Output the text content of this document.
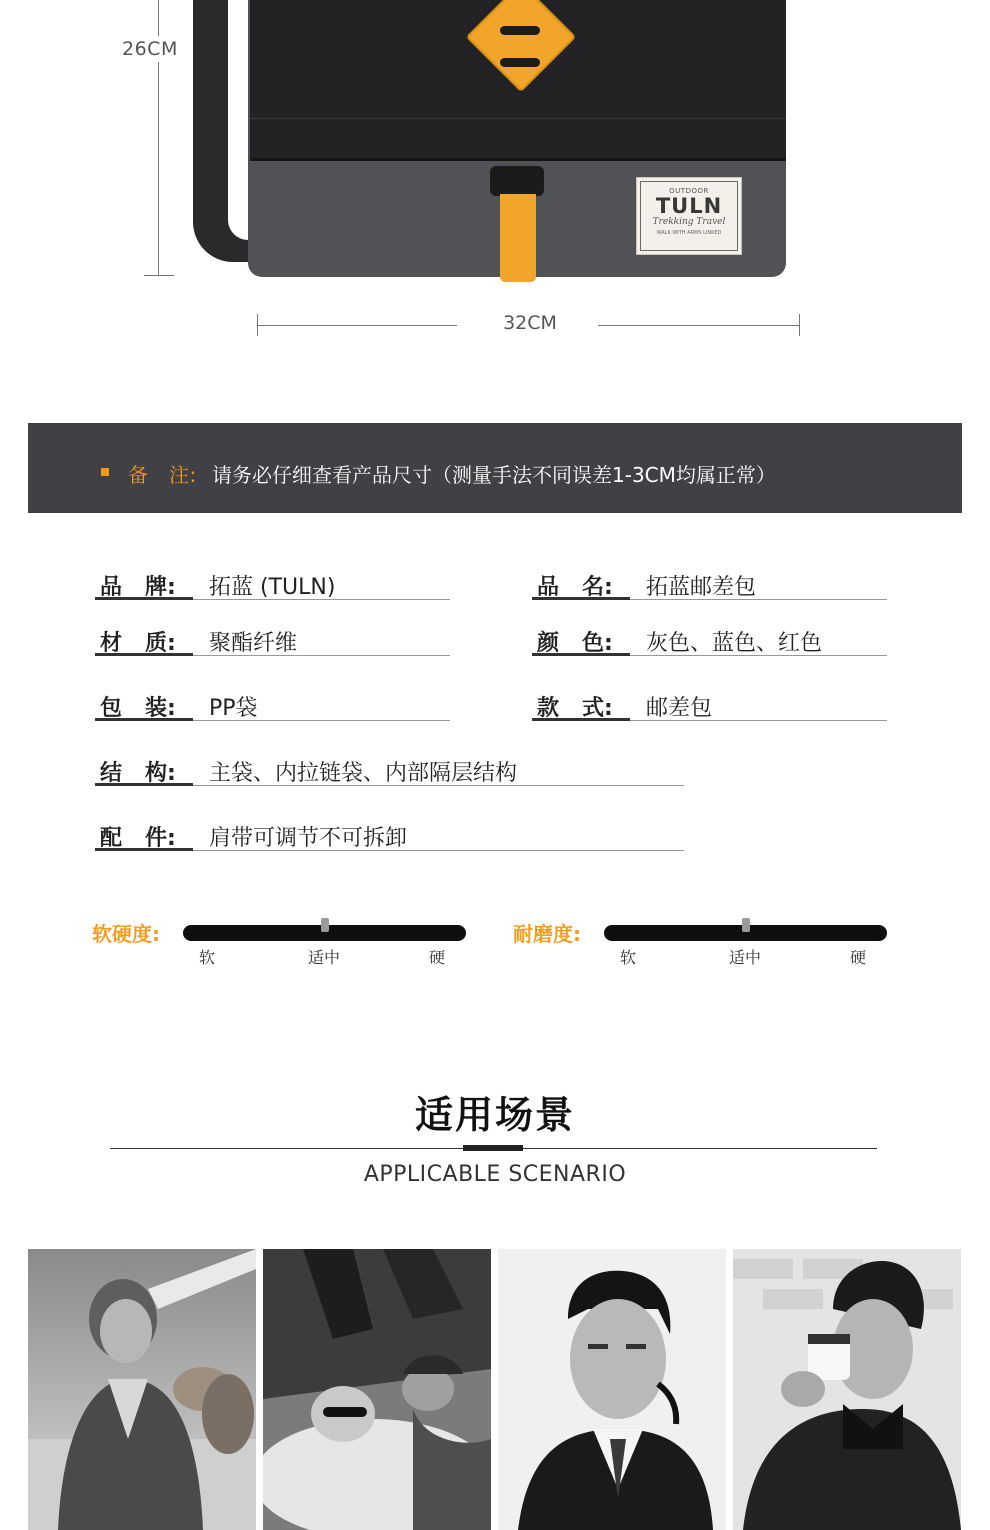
OUTDOOR
TULN
Trekking Travel
WALK WITH ARMS LINKED
26CM
32CM
备　注: 请务必仔细查看产品尺寸（测量手法不同误差1-3CM均属正常）
品 牌:	拓蓝 (TULN)	品 名:	拓蓝邮差包
材 质:	聚酯纤维	颜 色:	灰色、蓝色、红色
包 装:	PP袋	款 式:	邮差包
结 构:	主袋、内拉链袋、内部隔层结构
配 件:	肩带可调节不可拆卸
软硬度:
软	适中	硬
耐磨度:
软	适中	硬
适用场景
APPLICABLE SCENARIO
